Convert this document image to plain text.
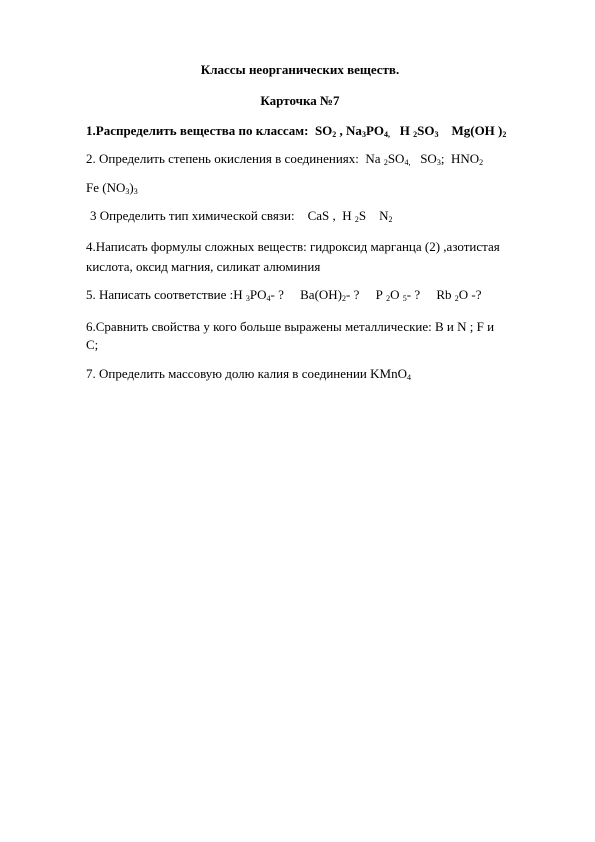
Классы неорганических веществ.
Карточка №7
1.Распределить вещества по классам: $SO_2$ , $Na_3PO_{4,}$ H $_2SO_3$ Mg(OH )$_2$
2. Определить степень окисления в соединениях: Na $_2SO_{4,}$ $SO_3$; $HNO_2$
Fe $(NO_3)_3$
3 Определить тип химической связи: CaS , H $_2$S $N_2$
4.Написать формулы сложных веществ: гидроксид марганца (2) ,азотистая
кислота, оксид магния, силикат алюминия
5. Написать соответствие :H $_3PO_4-$ ? $Ba(OH)_2-$ ? P $_2$O $_5$- ? Rb $_2$O -?
6.Сравнить свойства у кого больше выражены металлические: B и N ; F и
C;
7. Определить массовую долю калия в соединении KMnO$_4$
